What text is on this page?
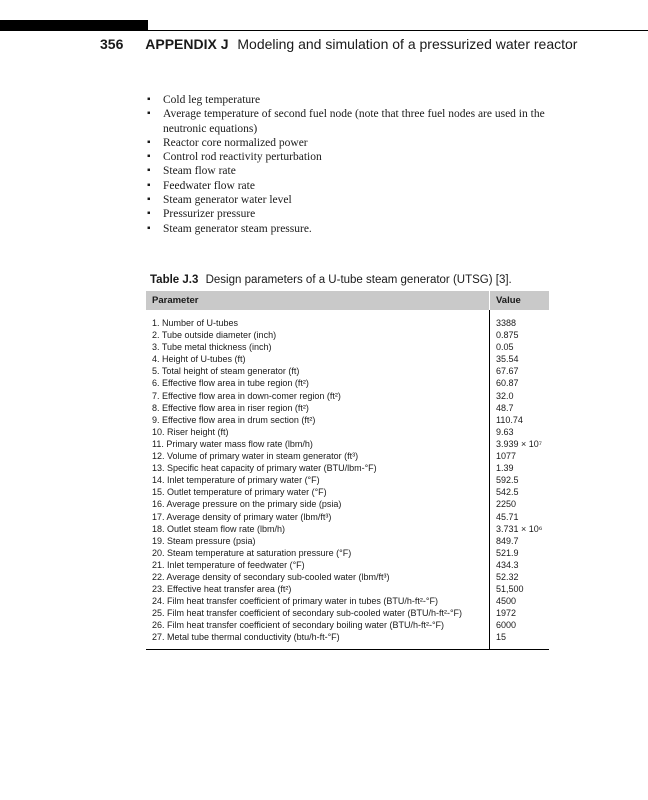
356 APPENDIX J Modeling and simulation of a pressurized water reactor
▪ Cold leg temperature
▪ Average temperature of second fuel node (note that three fuel nodes are used in the neutronic equations)
▪ Reactor core normalized power
▪ Control rod reactivity perturbation
▪ Steam flow rate
▪ Feedwater flow rate
▪ Steam generator water level
▪ Pressurizer pressure
▪ Steam generator steam pressure.
Table J.3 Design parameters of a U-tube steam generator (UTSG) [3].
Parameter	Value
1. Number of U-tubes	3388
2. Tube outside diameter (inch)	0.875
3. Tube metal thickness (inch)	0.05
4. Height of U-tubes (ft)	35.54
5. Total height of steam generator (ft)	67.67
6. Effective flow area in tube region (ft²)	60.87
7. Effective flow area in down-comer region (ft²)	32.0
8. Effective flow area in riser region (ft²)	48.7
9. Effective flow area in drum section (ft²)	110.74
10. Riser height (ft)	9.63
11. Primary water mass flow rate (lbm/h)	3.939 × 10⁷
12. Volume of primary water in steam generator (ft³)	1077
13. Specific heat capacity of primary water (BTU/lbm-°F)	1.39
14. Inlet temperature of primary water (°F)	592.5
15. Outlet temperature of primary water (°F)	542.5
16. Average pressure on the primary side (psia)	2250
17. Average density of primary water (lbm/ft³)	45.71
18. Outlet steam flow rate (lbm/h)	3.731 × 10⁶
19. Steam pressure (psia)	849.7
20. Steam temperature at saturation pressure (°F)	521.9
21. Inlet temperature of feedwater (°F)	434.3
22. Average density of secondary sub-cooled water (lbm/ft³)	52.32
23. Effective heat transfer area (ft²)	51,500
24. Film heat transfer coefficient of primary water in tubes (BTU/h-ft²-°F)	4500
25. Film heat transfer coefficient of secondary sub-cooled water (BTU/h-ft²-°F)	1972
26. Film heat transfer coefficient of secondary boiling water (BTU/h-ft²-°F)	6000
27. Metal tube thermal conductivity (btu/h-ft-°F)	15
